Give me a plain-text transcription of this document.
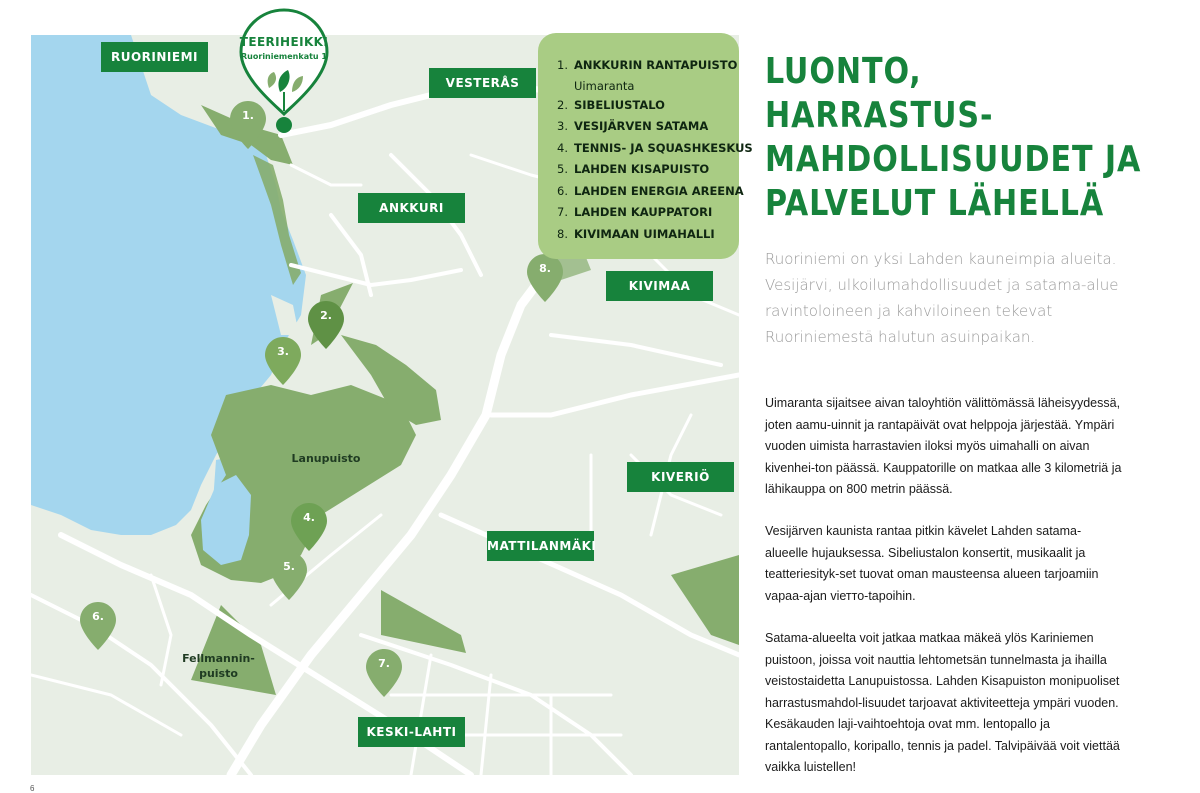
RUORINIEMI
VESTERÅS
ANKKURI
KIVIMAA
KIVERIÖ
MATTILANMÄKI
KESKI-LAHTI
Lanupuisto
Fellmannin-
puisto
1.
2.
3.
4.
5.
6.
7.
8.
TEERIHEIKKI
Ruoriniemenkatu 1
1. ANKKURIN RANTAPUISTO
Uimaranta
2. SIBELIUSTALO
3. VESIJÄRVEN SATAMA
4. TENNIS- JA SQUASHKESKUS
5. LAHDEN KISAPUISTO
6. LAHDEN ENERGIA AREENA
7. LAHDEN KAUPPATORI
8. KIVIMAAN UIMAHALLI
LUONTO, HARRASTUS-
MAHDOLLISUUDET JA
PALVELUT LÄHELLÄ

Ruoriniemi on yksi Lahden kauneimpia alueita. Vesijärvi, ulkoilumahdollisuudet ja satama-alue ravintoloineen ja kahviloineen tekevat Ruoriniemestä halutun asuinpaikan.

Uimaranta sijaitsee aivan taloyhtiön välittömässä läheisyydessä, joten aamu-uinnit ja rantapäivät ovat helppoja järjestää. Ympäri vuoden uimista harrastavien iloksi myös uimahalli on aivan kivenhei-ton päässä. Kauppatorille on matkaa alle 3 kilometriä ja lähikauppa on 800 metrin päässä.

Vesijärven kaunista rantaa pitkin kävelet Lahden satama-alueelle hujauksessa. Sibeliustalon konsertit, musikaalit ja teatteriesityk-set tuovat oman mausteensa alueen tarjoamiin vapaa-ajan viетто-tapoihin.

Satama-alueelta voit jatkaa matkaa mäkeä ylös Kariniemen puistoon, joissa voit nauttia lehtometsän tunnelmasta ja ihailla veistostaidetta Lanupuistossa. Lahden Kisapuiston monipuoliset harrastusmahdol-lisuudet tarjoavat aktiviteetteja ympäri vuoden. Kesäkauden laji-vaihtoehtoja ovat mm. lentopallo ja rantalentopallo, koripallo, tennis ja padel. Talvipäivää voit viettää vaikka luistellen!

6
